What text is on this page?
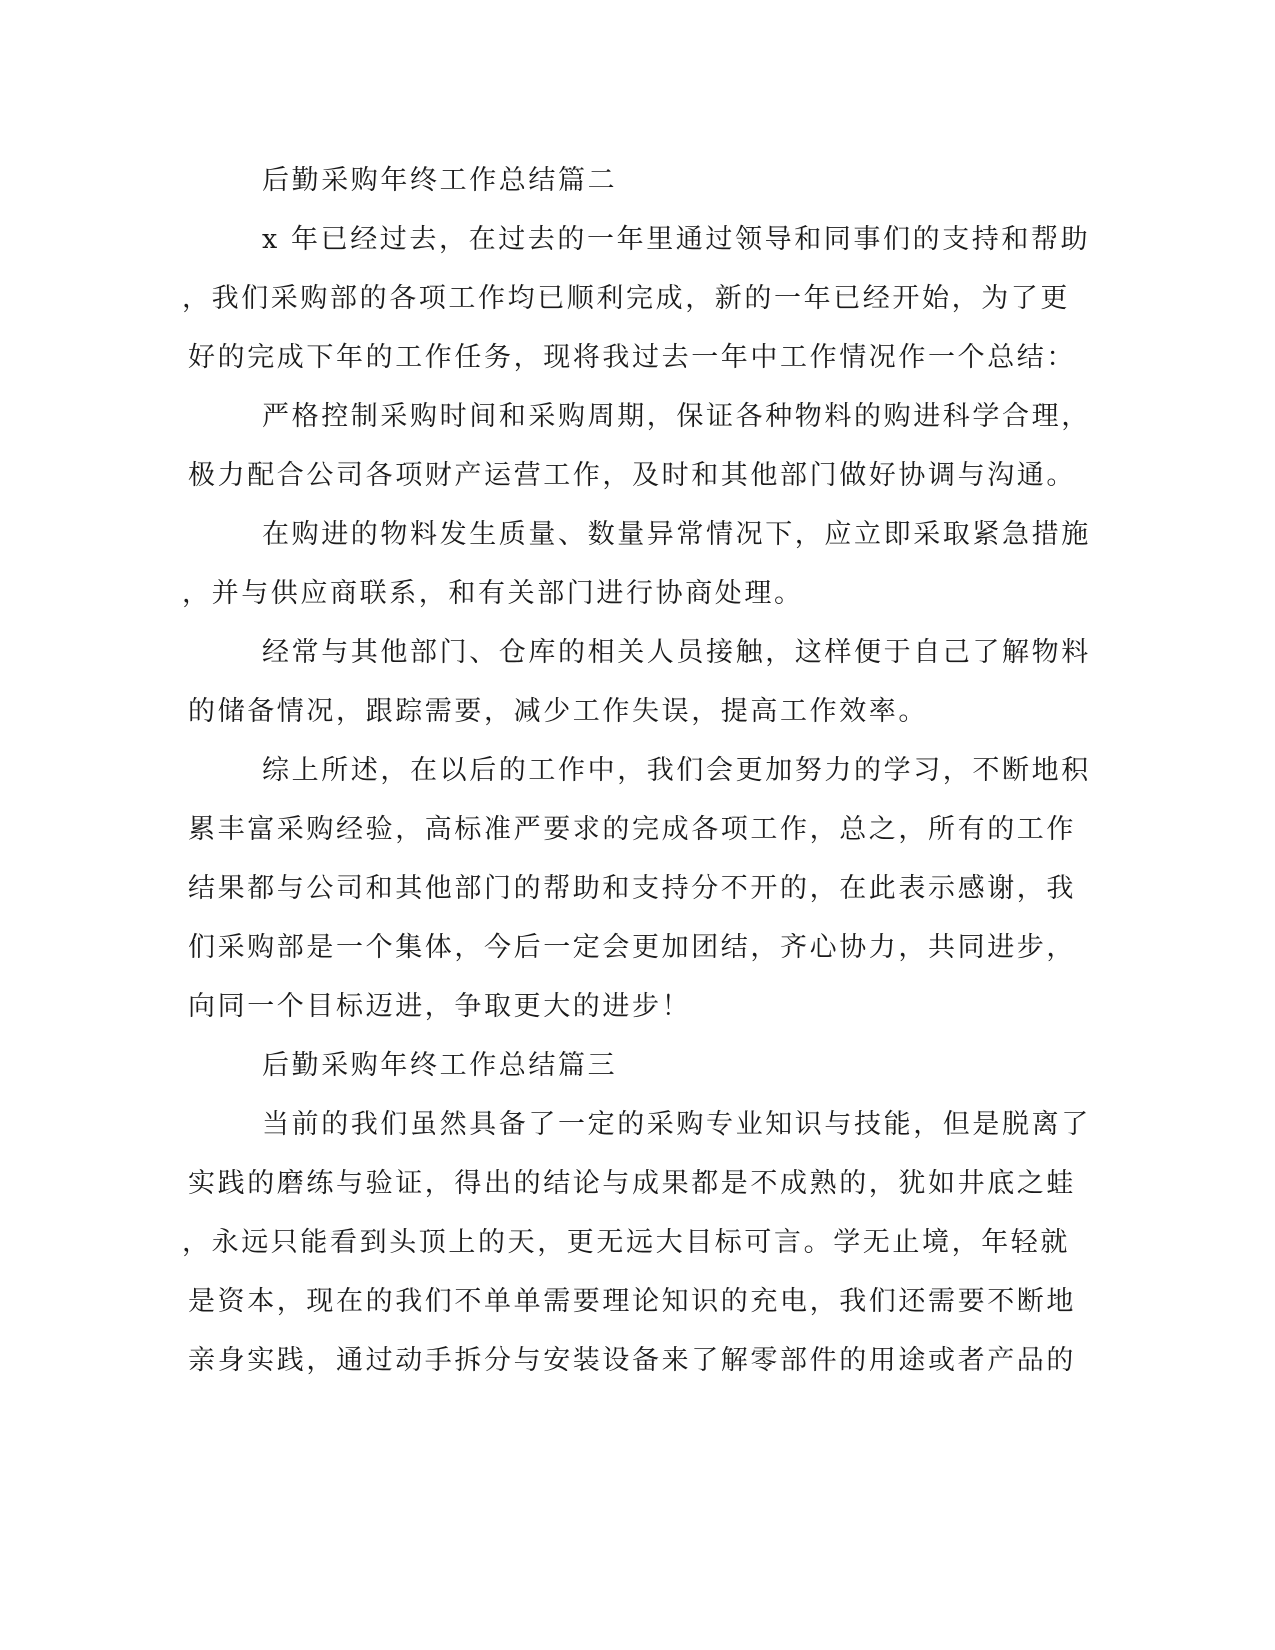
后勤采购年终工作总结篇二
x 年已经过去，在过去的一年里通过领导和同事们的支持和帮助
，我们采购部的各项工作均已顺利完成，新的一年已经开始，为了更
好的完成下年的工作任务，现将我过去一年中工作情况作一个总结：
严格控制采购时间和采购周期，保证各种物料的购进科学合理，
极力配合公司各项财产运营工作，及时和其他部门做好协调与沟通。
在购进的物料发生质量、数量异常情况下，应立即采取紧急措施
，并与供应商联系，和有关部门进行协商处理。
经常与其他部门、仓库的相关人员接触，这样便于自己了解物料
的储备情况，跟踪需要，减少工作失误，提高工作效率。
综上所述，在以后的工作中，我们会更加努力的学习，不断地积
累丰富采购经验，高标准严要求的完成各项工作，总之，所有的工作
结果都与公司和其他部门的帮助和支持分不开的，在此表示感谢，我
们采购部是一个集体，今后一定会更加团结，齐心协力，共同进步，
向同一个目标迈进，争取更大的进步！
后勤采购年终工作总结篇三
当前的我们虽然具备了一定的采购专业知识与技能，但是脱离了
实践的磨练与验证，得出的结论与成果都是不成熟的，犹如井底之蛙
，永远只能看到头顶上的天，更无远大目标可言。学无止境，年轻就
是资本，现在的我们不单单需要理论知识的充电，我们还需要不断地
亲身实践，通过动手拆分与安装设备来了解零部件的用途或者产品的
